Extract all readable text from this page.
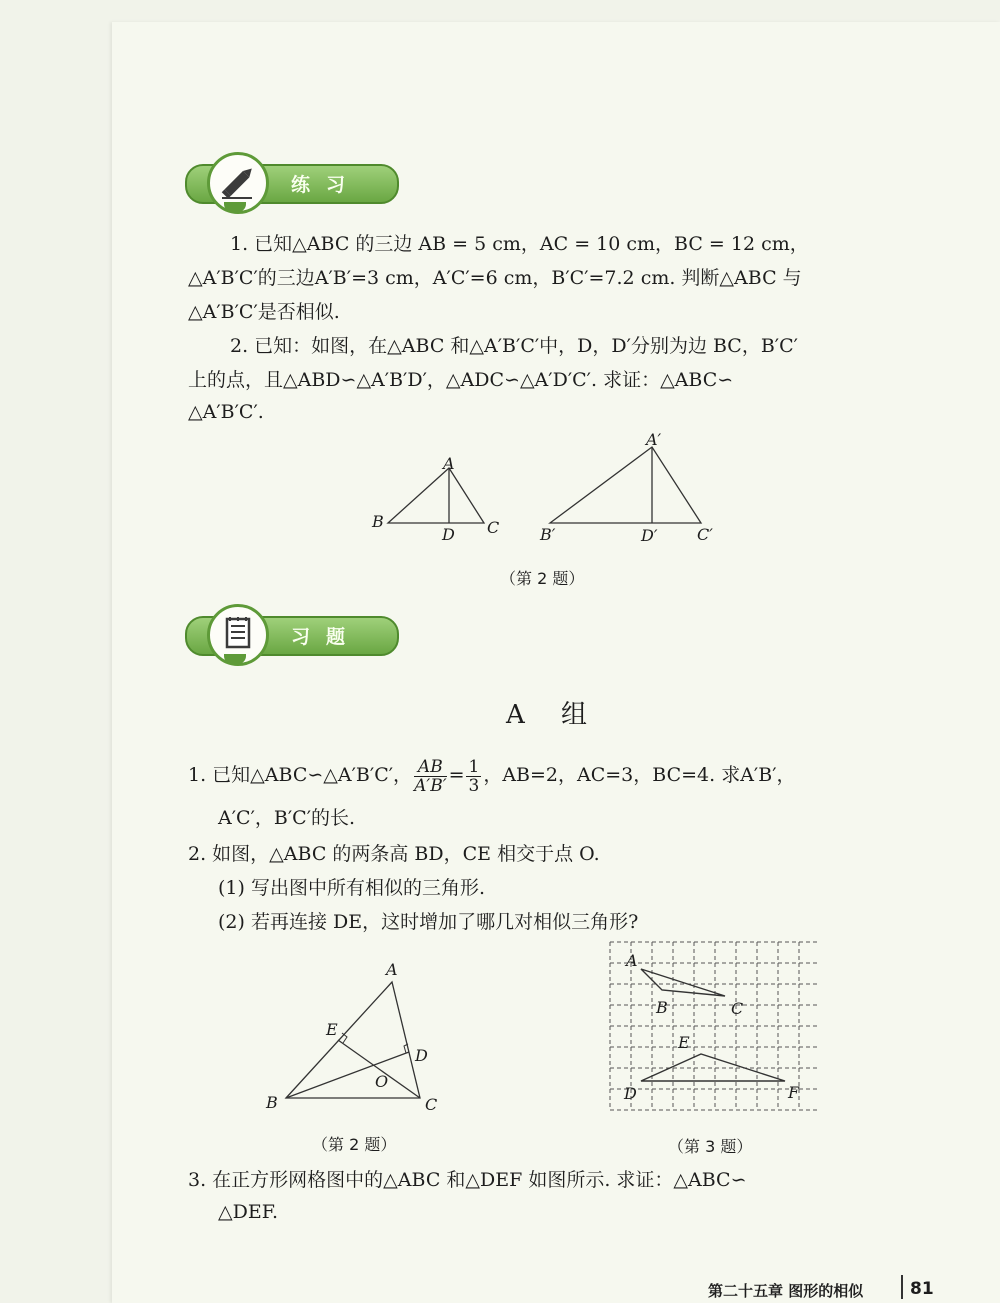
练习
1. 已知△ABC 的三边 AB = 5 cm，AC = 10 cm，BC = 12 cm，
△A′B′C′的三边A′B′=3 cm，A′C′=6 cm，B′C′=7.2 cm. 判断△ABC 与
△A′B′C′是否相似.
2. 已知：如图，在△ABC 和△A′B′C′中，D，D′分别为边 BC，B′C′
上的点，且△ABD∽△A′B′D′，△ADC∽△A′D′C′. 求证：△ABC∽
△A′B′C′.
A
B	C
D
A′
B′	C′
D′
（第 2 题）
习题
A 组
1. 已知△ABC∽△A′B′C′， $\frac{AB}{A'B'} = \frac{1}{3}$ ，AB=2，AC=3，BC=4. 求A′B′，
A′C′，B′C′的长.
2. 如图，△ABC 的两条高 BD，CE 相交于点 O.
(1) 写出图中所有相似的三角形.
(2) 若再连接 DE，这时增加了哪几对相似三角形?
A
B	C
D
E
O
（第 2 题）
A
B	C
D
E
F
（第 3 题）
3. 在正方形网格图中的△ABC 和△DEF 如图所示. 求证：△ABC∽
△DEF.
第二十五章 图形的相似	81
